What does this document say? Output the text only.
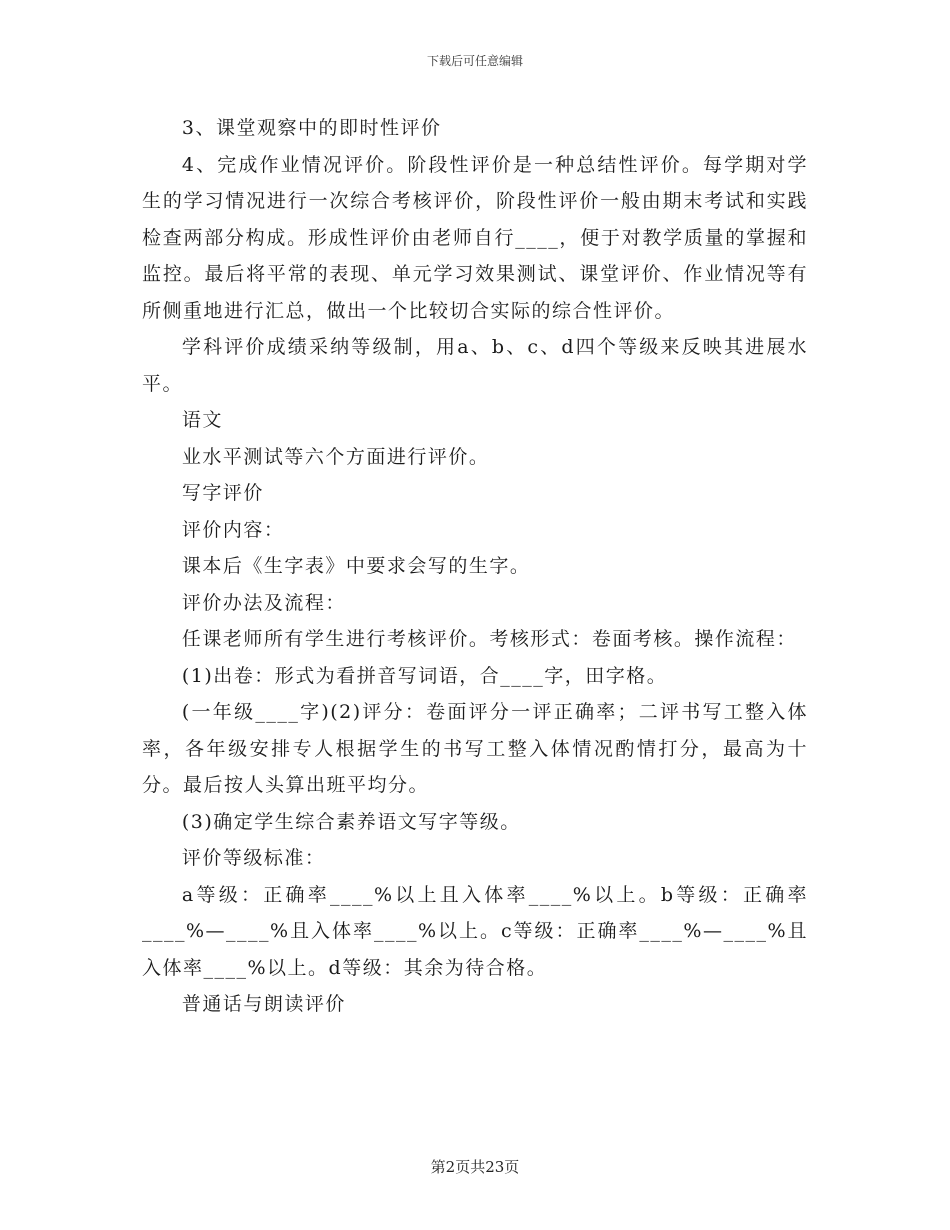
下载后可任意编辑

3、课堂观察中的即时性评价

4、完成作业情况评价。阶段性评价是一种总结性评价。每学期对学生的学习情况进行一次综合考核评价，阶段性评价一般由期末考试和实践检查两部分构成。形成性评价由老师自行____，便于对教学质量的掌握和监控。最后将平常的表现、单元学习效果测试、课堂评价、作业情况等有所侧重地进行汇总，做出一个比较切合实际的综合性评价。

学科评价成绩采纳等级制，用a、b、c、d四个等级来反映其进展水平。

语文

业水平测试等六个方面进行评价。

写字评价

评价内容：

课本后《生字表》中要求会写的生字。

评价办法及流程：

任课老师所有学生进行考核评价。考核形式：卷面考核。操作流程：

(1)出卷：形式为看拼音写词语，合____字，田字格。

(一年级____字)(2)评分：卷面评分一评正确率；二评书写工整入体率，各年级安排专人根据学生的书写工整入体情况酌情打分，最高为十分。最后按人头算出班平均分。

(3)确定学生综合素养语文写字等级。

评价等级标准：

a等级：正确率____%以上且入体率____%以上。b等级：正确率____%—____%且入体率____%以上。c等级：正确率____%—____%且入体率____%以上。d等级：其余为待合格。

普通话与朗读评价

第2页共23页
